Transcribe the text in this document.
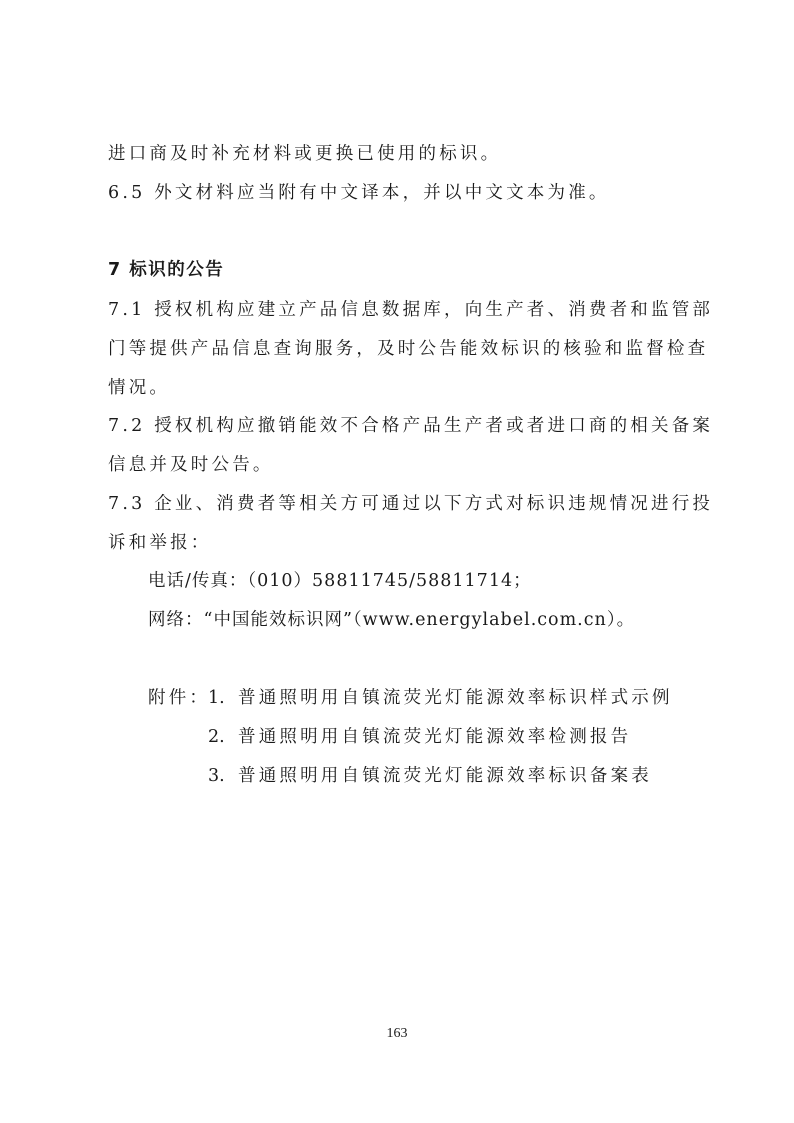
进口商及时补充材料或更换已使用的标识。
6.5 外文材料应当附有中文译本，并以中文文本为准。
7 标识的公告
7.1 授权机构应建立产品信息数据库，向生产者、消费者和监管部
门等提供产品信息查询服务，及时公告能效标识的核验和监督检查
情况。
7.2 授权机构应撤销能效不合格产品生产者或者进口商的相关备案
信息并及时公告。
7.3 企业、消费者等相关方可通过以下方式对标识违规情况进行投
诉和举报：
电话/传真：（010）58811745/58811714；
网络：“中国能效标识网”（www.energylabel.com.cn）。
附件：1. 普通照明用自镇流荧光灯能源效率标识样式示例
2. 普通照明用自镇流荧光灯能源效率检测报告
3. 普通照明用自镇流荧光灯能源效率标识备案表
163
